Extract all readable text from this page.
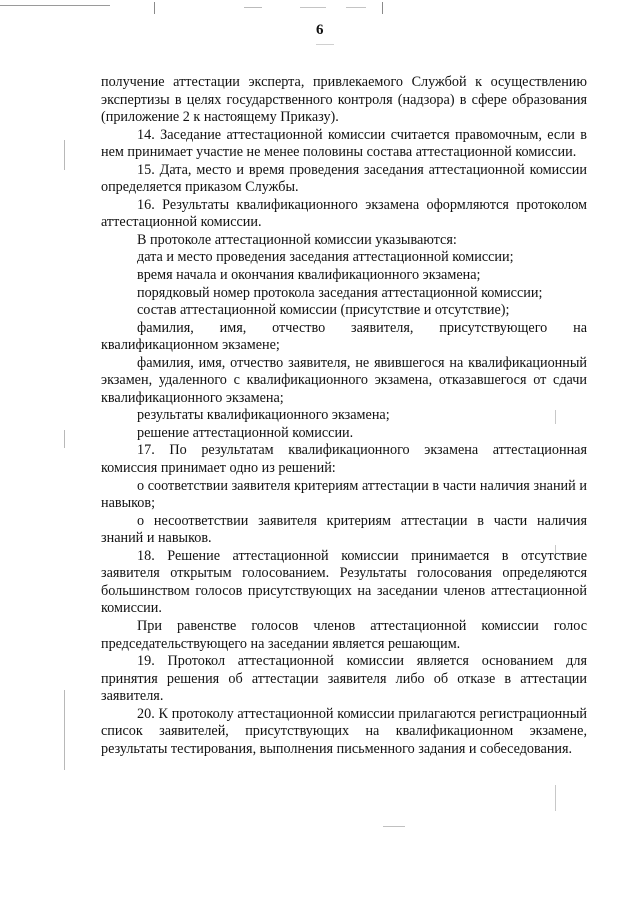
6

получение аттестации эксперта, привлекаемого Службой к осуществлению экспертизы в целях государственного контроля (надзора) в сфере образования (приложение 2 к настоящему Приказу).

14. Заседание аттестационной комиссии считается правомочным, если в нем принимает участие не менее половины состава аттестационной комиссии.

15. Дата, место и время проведения заседания аттестационной комиссии определяется приказом Службы.

16. Результаты квалификационного экзамена оформляются протоколом аттестационной комиссии.

В протоколе аттестационной комиссии указываются:

дата и место проведения заседания аттестационной комиссии;

время начала и окончания квалификационного экзамена;

порядковый номер протокола заседания аттестационной комиссии;

состав аттестационной комиссии (присутствие и отсутствие);

фамилия, имя, отчество заявителя, присутствующего на квалификационном экзамене;

фамилия, имя, отчество заявителя, не явившегося на квалификационный экзамен, удаленного с квалификационного экзамена, отказавшегося от сдачи квалификационного экзамена;

результаты квалификационного экзамена;

решение аттестационной комиссии.

17. По результатам квалификационного экзамена аттестационная комиссия принимает одно из решений:

о соответствии заявителя критериям аттестации в части наличия знаний и навыков;

о несоответствии заявителя критериям аттестации в части наличия знаний и навыков.

18. Решение аттестационной комиссии принимается в отсутствие заявителя открытым голосованием. Результаты голосования определяются большинством голосов присутствующих на заседании членов аттестационной комиссии.

При равенстве голосов членов аттестационной комиссии голос председательствующего на заседании является решающим.

19. Протокол аттестационной комиссии является основанием для принятия решения об аттестации заявителя либо об отказе в аттестации заявителя.

20. К протоколу аттестационной комиссии прилагаются регистрационный список заявителей, присутствующих на квалификационном экзамене, результаты тестирования, выполнения письменного задания и собеседования.
